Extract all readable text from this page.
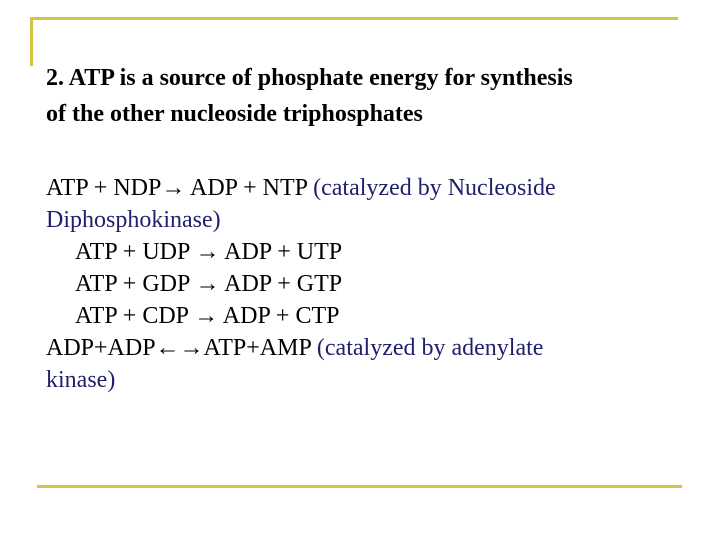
2. ATP is a source of phosphate energy for synthesis
of the other nucleoside triphosphates
ATP + NDP→ ADP + NTP (catalyzed by Nucleoside
Diphosphokinase)
ATP + UDP → ADP + UTP
ATP + GDP → ADP + GTP
ATP + CDP → ADP + CTP
ADP+ADP←→ATP+AMP (catalyzed by adenylate
kinase)
